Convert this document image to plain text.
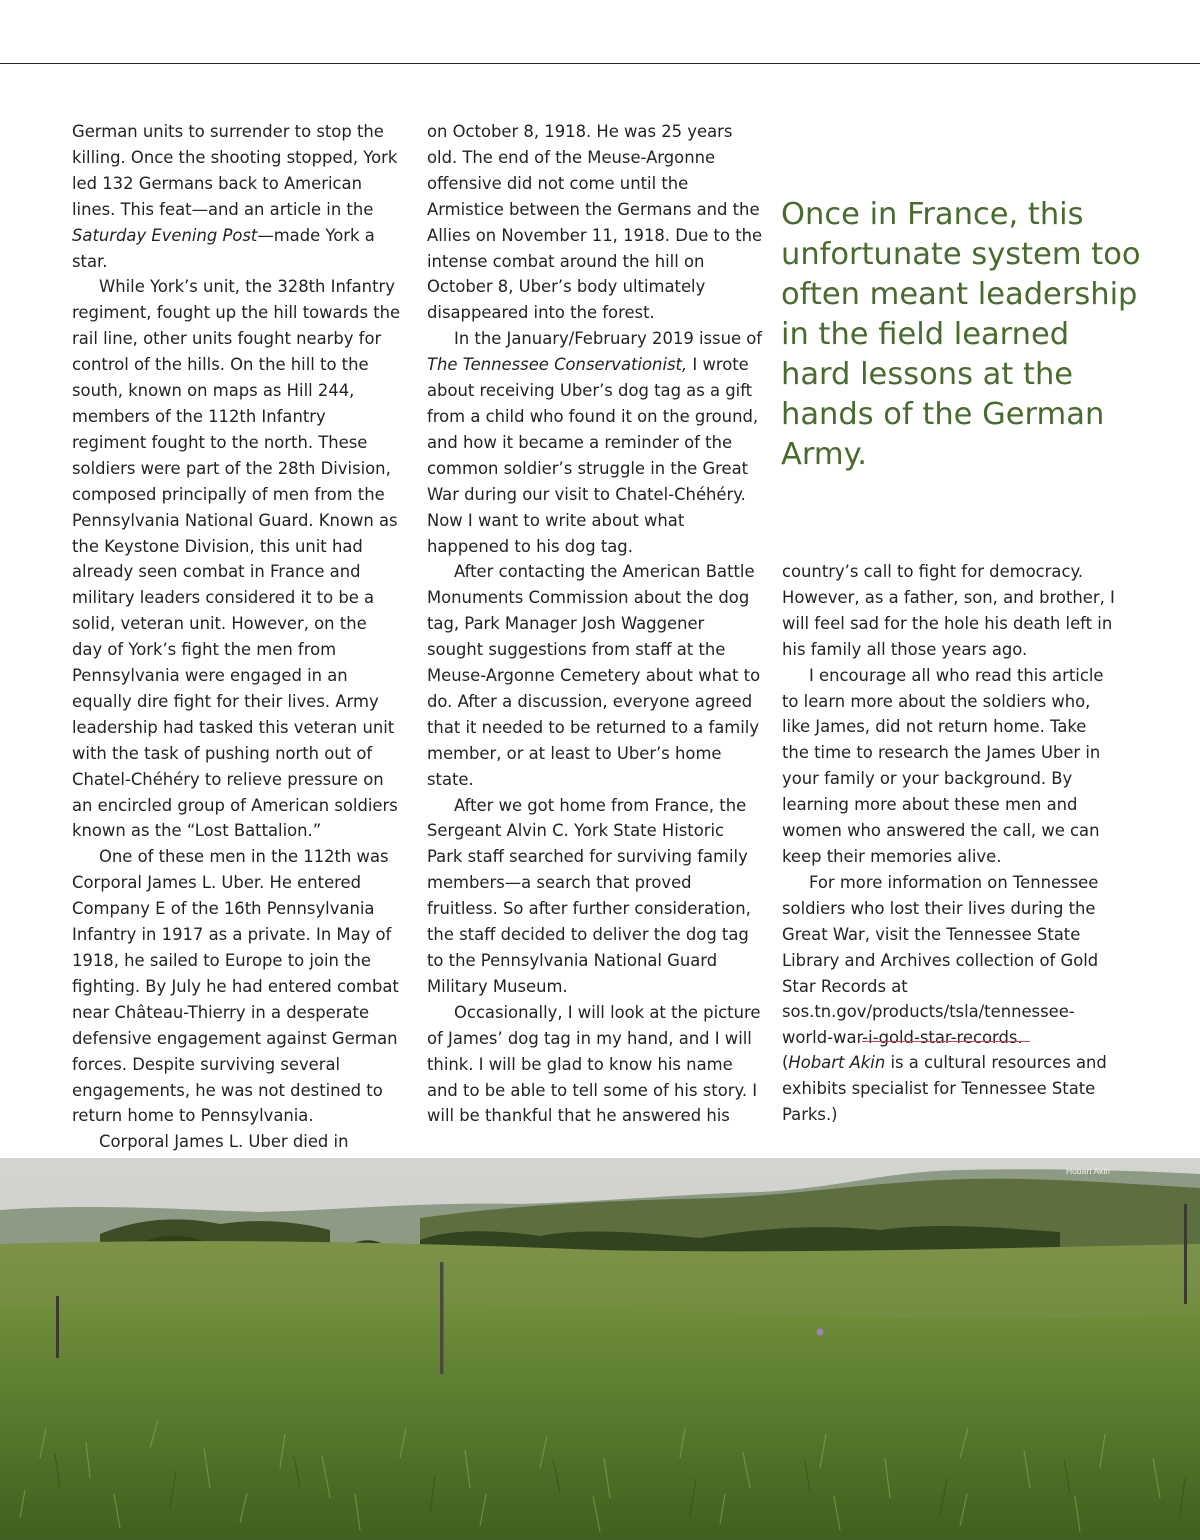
German units to surrender to stop the killing. Once the shooting stopped, York led 132 Germans back to American lines. This feat—and an article in the Saturday Evening Post—made York a star.

While York’s unit, the 328th Infantry regiment, fought up the hill towards the rail line, other units fought nearby for control of the hills. On the hill to the south, known on maps as Hill 244, members of the 112th Infantry regiment fought to the north. These soldiers were part of the 28th Division, composed principally of men from the Pennsylvania National Guard. Known as the Keystone Division, this unit had already seen combat in France and military leaders considered it to be a solid, veteran unit. However, on the day of York’s fight the men from Pennsylvania were engaged in an equally dire fight for their lives. Army leadership had tasked this veteran unit with the task of pushing north out of Chatel-Chéhéry to relieve pressure on an encircled group of American soldiers known as the “Lost Battalion.”

One of these men in the 112th was Corporal James L. Uber. He entered Company E of the 16th Pennsylvania Infantry in 1917 as a private. In May of 1918, he sailed to Europe to join the fighting. By July he had entered combat near Château-Thierry in a desperate defensive engagement against German forces. Despite surviving several engagements, he was not destined to return home to Pennsylvania.

Corporal James L. Uber died in

on October 8, 1918. He was 25 years old. The end of the Meuse-Argonne offensive did not come until the Armistice between the Germans and the Allies on November 11, 1918. Due to the intense combat around the hill on October 8, Uber’s body ultimately disappeared into the forest.

In the January/February 2019 issue of The Tennessee Conservationist, I wrote about receiving Uber’s dog tag as a gift from a child who found it on the ground, and how it became a reminder of the common soldier’s struggle in the Great War during our visit to Chatel-Chéhéry. Now I want to write about what happened to his dog tag.

After contacting the American Battle Monuments Commission about the dog tag, Park Manager Josh Waggener sought suggestions from staff at the Meuse-Argonne Cemetery about what to do. After a discussion, everyone agreed that it needed to be returned to a family member, or at least to Uber’s home state.

After we got home from France, the Sergeant Alvin C. York State Historic Park staff searched for surviving family members—a search that proved fruitless. So after further consideration, the staff decided to deliver the dog tag to the Pennsylvania National Guard Military Museum.

Occasionally, I will look at the picture of James’ dog tag in my hand, and I will think. I will be glad to know his name and to be able to tell some of his story. I will be thankful that he answered his

Once in France, this unfortunate system too often meant leadership in the field learned hard lessons at the hands of the German Army.

country’s call to fight for democracy. However, as a father, son, and brother, I will feel sad for the hole his death left in his family all those years ago.

I encourage all who read this article to learn more about the soldiers who, like James, did not return home. Take the time to research the James Uber in your family or your background. By learning more about these men and women who answered the call, we can keep their memories alive.

For more information on Tennessee soldiers who lost their lives during the Great War, visit the Tennessee State Library and Archives collection of Gold Star Records at sos.tn.gov/products/tsla/tennessee-world-war-i-gold-star-records.

(Hobart Akin is a cultural resources and exhibits specialist for Tennessee State Parks.)

Hobart Akin
